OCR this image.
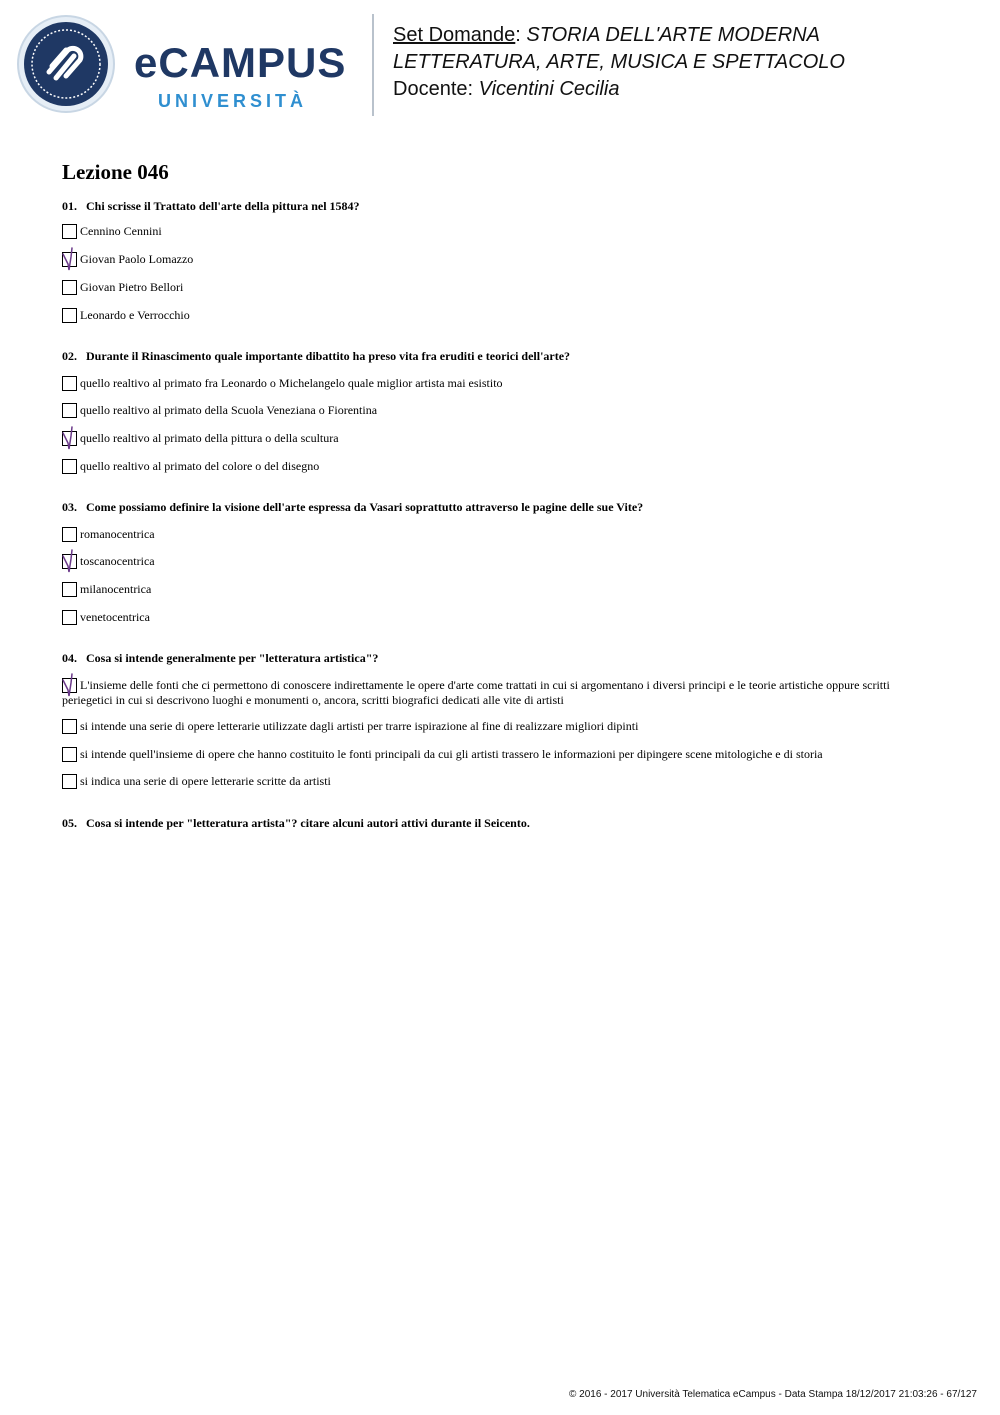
eCAMPUS
UNIVERSITÀ
Set Domande: STORIA DELL'ARTE MODERNA
LETTERATURA, ARTE, MUSICA E SPETTACOLO
Docente: Vicentini Cecilia
Lezione 046
01. Chi scrisse il Trattato dell'arte della pittura nel 1584?
Cennino Cennini
Giovan Paolo Lomazzo
Giovan Pietro Bellori
Leonardo e Verrocchio
02. Durante il Rinascimento quale importante dibattito ha preso vita fra eruditi e teorici dell'arte?
quello realtivo al primato fra Leonardo o Michelangelo quale miglior artista mai esistito
quello realtivo al primato della Scuola Veneziana o Fiorentina
quello realtivo al primato della pittura o della scultura
quello realtivo al primato del colore o del disegno
03. Come possiamo definire la visione dell'arte espressa da Vasari soprattutto attraverso le pagine delle sue Vite?
romanocentrica
toscanocentrica
milanocentrica
venetocentrica
04. Cosa si intende generalmente per "letteratura artistica"?
L'insieme delle fonti che ci permettono di conoscere indirettamente le opere d'arte come trattati in cui si argomentano i diversi principi e le teorie artistiche oppure scritti periegetici in cui si descrivono luoghi e monumenti o, ancora, scritti biografici dedicati alle vite di artisti
si intende una serie di opere letterarie utilizzate dagli artisti per trarre ispirazione al fine di realizzare migliori dipinti
si intende quell'insieme di opere che hanno costituito le fonti principali da cui gli artisti trassero le informazioni per dipingere scene mitologiche e di storia
si indica una serie di opere letterarie scritte da artisti
05. Cosa si intende per "letteratura artista"? citare alcuni autori attivi durante il Seicento.
© 2016 - 2017 Università Telematica eCampus - Data Stampa 18/12/2017 21:03:26 - 67/127
